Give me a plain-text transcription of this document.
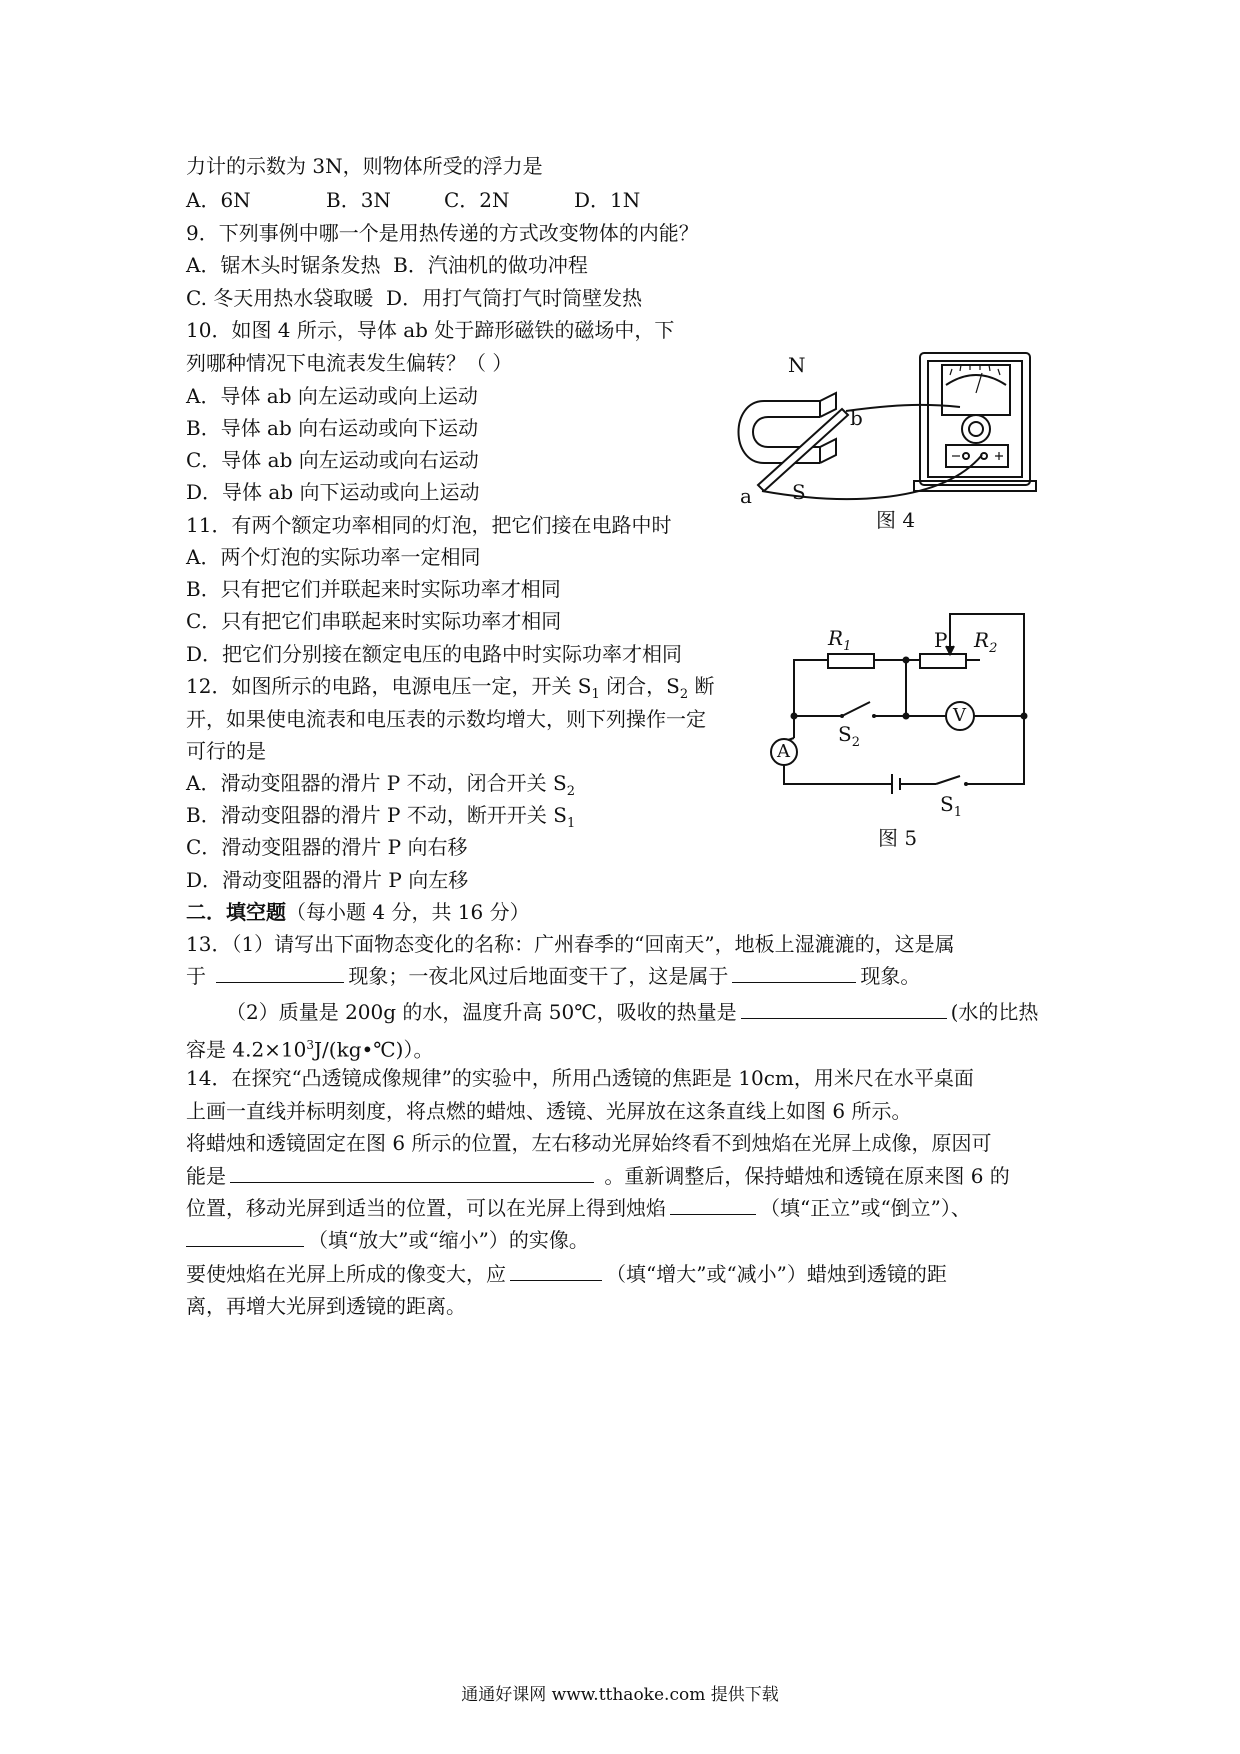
力计的示数为 3N，则物体所受的浮力是
A．6N	B．3N	C．2N	D．1N
9．下列事例中哪一个是用热传递的方式改变物体的内能？
A．锯木头时锯条发热 B．汽油机的做功冲程
C. 冬天用热水袋取暖 D．用打气筒打气时筒壁发热
10．如图 4 所示，导体 ab 处于蹄形磁铁的磁场中，下
列哪种情况下电流表发生偏转？（ ）
A．导体 ab 向左运动或向上运动
B．导体 ab 向右运动或向下运动
C．导体 ab 向左运动或向右运动
D．导体 ab 向下运动或向上运动
N
b
a S
图 4
11．有两个额定功率相同的灯泡，把它们接在电路中时
A．两个灯泡的实际功率一定相同
B．只有把它们并联起来时实际功率才相同
C．只有把它们串联起来时实际功率才相同
D．把它们分别接在额定电压的电路中时实际功率才相同
12．如图所示的电路，电源电压一定，开关 $S_1$ 闭合，$S_2$ 断
开，如果使电流表和电压表的示数均增大，则下列操作一定
可行的是
A．滑动变阻器的滑片 P 不动，闭合开关 $S_2$
B．滑动变阻器的滑片 P 不动，断开开关 $S_1$
C．滑动变阻器的滑片 P 向右移
D．滑动变阻器的滑片 P 向左移
$R_1$	P $R_2$
V
A
$S_2$
$S_1$
图 5
二．填空题（每小题 4 分，共 16 分）
13．（1）请写出下面物态变化的名称：广州春季的“回南天”，地板上湿漉漉的，这是属
于	现象；一夜北风过后地面变干了，这是属于	现象。
（2）质量是 200g 的水，温度升高 50℃，吸收的热量是	(水的比热
容是 $4.2\times 10^3J/(kg•℃)$）。
14．在探究“凸透镜成像规律”的实验中，所用凸透镜的焦距是 10cm，用米尺在水平桌面
上画一直线并标明刻度，将点燃的蜡烛、透镜、光屏放在这条直线上如图 6 所示。
将蜡烛和透镜固定在图 6 所示的位置，左右移动光屏始终看不到烛焰在光屏上成像，原因可
能是	。重新调整后，保持蜡烛和透镜在原来图 6 的
位置，移动光屏到适当的位置，可以在光屏上得到烛焰	（填“正立”或“倒立”）、
（填“放大”或“缩小”）的实像。
要使烛焰在光屏上所成的像变大，应	（填“增大”或“减小”）蜡烛到透镜的距
离，再增大光屏到透镜的距离。
通通好课网 www.tthaoke.com 提供下载
